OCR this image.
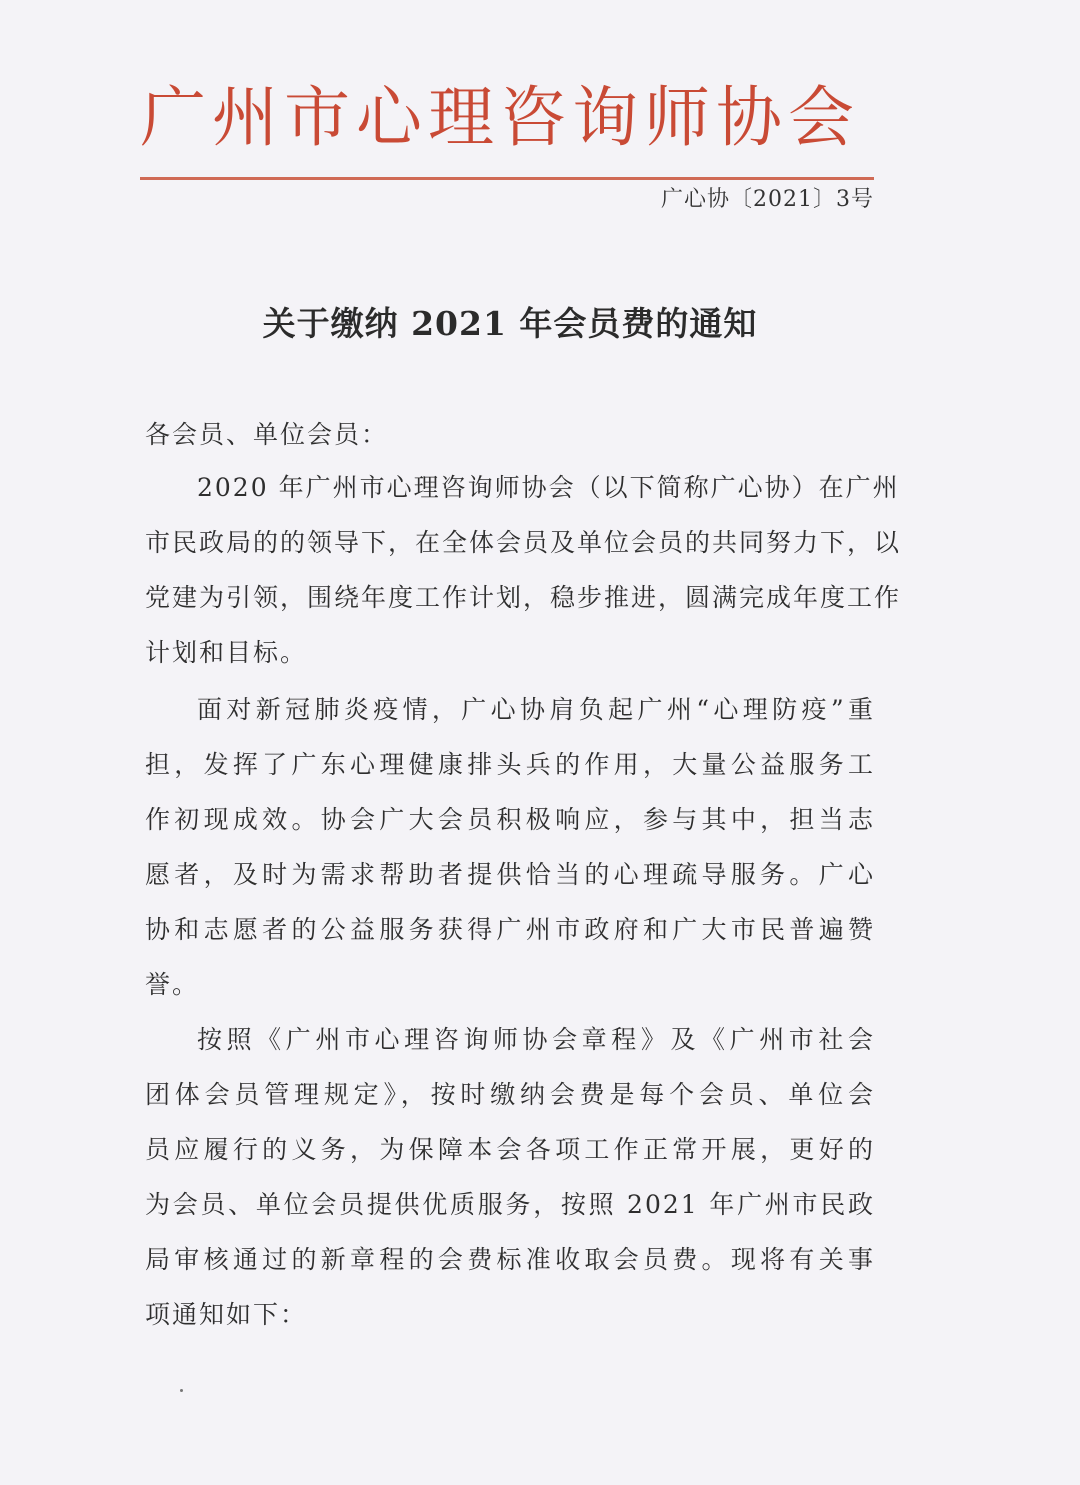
广州市心理咨询师协会
广心协〔2021〕3号
关于缴纳 2021 年会员费的通知
各会员、单位会员：
2020 年广州市心理咨询师协会（以下简称广心协）在广州
市民政局的的领导下，在全体会员及单位会员的共同努力下，以
党建为引领，围绕年度工作计划，稳步推进，圆满完成年度工作
计划和目标。
面对新冠肺炎疫情，广心协肩负起广州“心理防疫”重
担，发挥了广东心理健康排头兵的作用，大量公益服务工
作初现成效。协会广大会员积极响应，参与其中，担当志
愿者，及时为需求帮助者提供恰当的心理疏导服务。广心
协和志愿者的公益服务获得广州市政府和广大市民普遍赞
誉。
按照《广州市心理咨询师协会章程》及《广州市社会
团体会员管理规定》，按时缴纳会费是每个会员、单位会
员应履行的义务，为保障本会各项工作正常开展，更好的
为会员、单位会员提供优质服务，按照 2021 年广州市民政
局审核通过的新章程的会费标准收取会员费。现将有关事
项通知如下：
